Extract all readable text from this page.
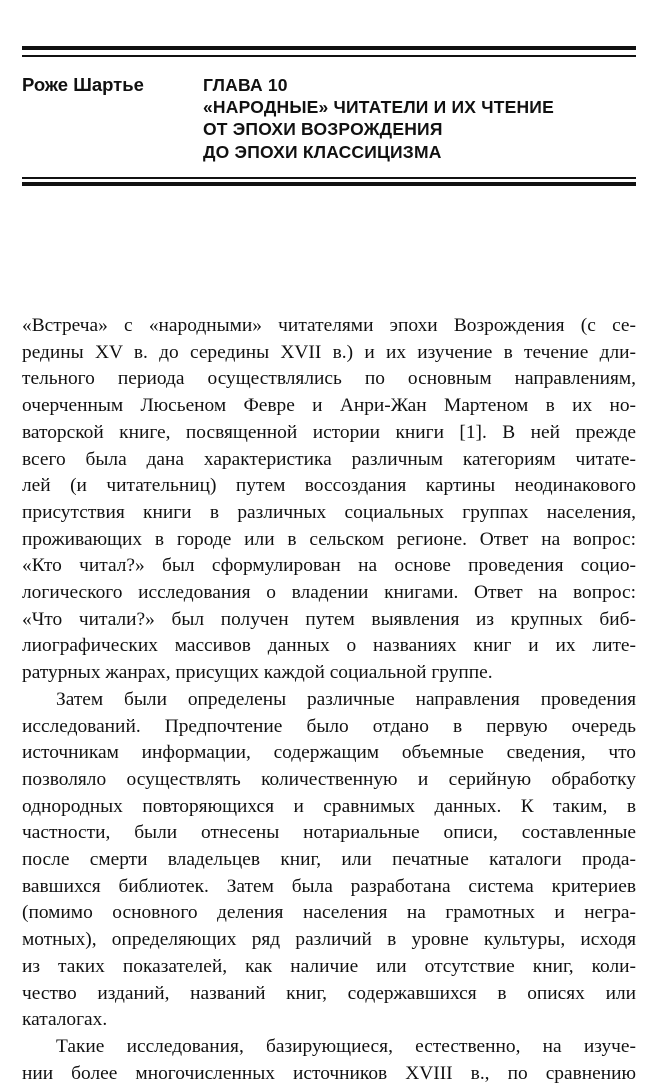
Роже Шартье	ГЛАВА 10
«НАРОДНЫЕ» ЧИТАТЕЛИ И ИХ ЧТЕНИЕ
ОТ ЭПОХИ ВОЗРОЖДЕНИЯ
ДО ЭПОХИ КЛАССИЦИЗМА
«Встреча» с «народными» читателями эпохи Возрождения (с се-
редины XV в. до середины XVII в.) и их изучение в течение дли-
тельного периода осуществлялись по основным направлениям,
очерченным Люсьеном Февре и Анри-Жан Мартеном в их но-
ваторской книге, посвященной истории книги [1]. В ней прежде
всего была дана характеристика различным категориям читате-
лей (и читательниц) путем воссоздания картины неодинакового
присутствия книги в различных социальных группах населения,
проживающих в городе или в сельском регионе. Ответ на вопрос:
«Кто читал?» был сформулирован на основе проведения социо-
логического исследования о владении книгами. Ответ на вопрос:
«Что читали?» был получен путем выявления из крупных биб-
лиографических массивов данных о названиях книг и их лите-
ратурных жанрах, присущих каждой социальной группе.
Затем были определены различные направления проведения
исследований. Предпочтение было отдано в первую очередь
источникам информации, содержащим объемные сведения, что
позволяло осуществлять количественную и серийную обработку
однородных повторяющихся и сравнимых данных. К таким, в
частности, были отнесены нотариальные описи, составленные
после смерти владельцев книг, или печатные каталоги прода-
вавшихся библиотек. Затем была разработана система критериев
(помимо основного деления населения на грамотных и негра-
мотных), определяющих ряд различий в уровне культуры, исходя
из таких показателей, как наличие или отсутствие книг, коли-
чество изданий, названий книг, содержавшихся в описях или
каталогах.
Такие исследования, базирующиеся, естественно, на изуче-
нии более многочисленных источников XVIII в., по сравнению
